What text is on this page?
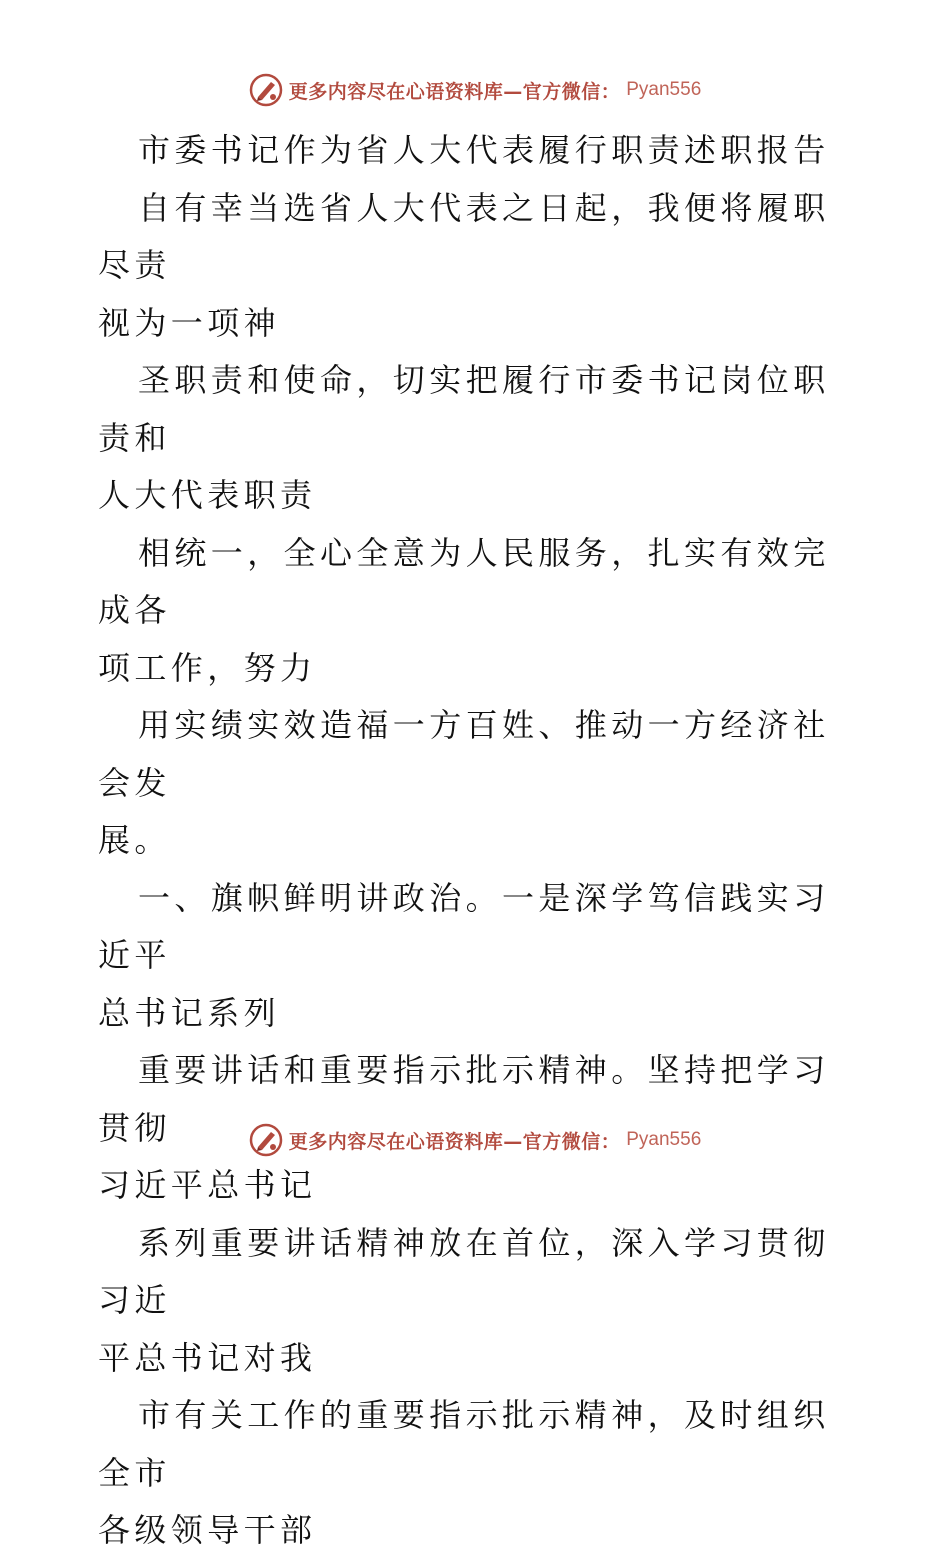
更多内容尽在心语资料库—官方微信： Pyan556

市委书记作为省人大代表履行职责述职报告

自有幸当选省人大代表之日起，我便将履职尽责
视为一项神

圣职责和使命，切实把履行市委书记岗位职责和
人大代表职责

相统一，全心全意为人民服务，扎实有效完成各
项工作，努力

用实绩实效造福一方百姓、推动一方经济社会发
展。

一、旗帜鲜明讲政治。一是深学笃信践实习近平
总书记系列

重要讲话和重要指示批示精神。坚持把学习贯彻
习近平总书记

系列重要讲话精神放在首位，深入学习贯彻习近
平总书记对我

市有关工作的重要指示批示精神，及时组织全市
各级领导干部

更多内容尽在心语资料库—官方微信： Pyan556
